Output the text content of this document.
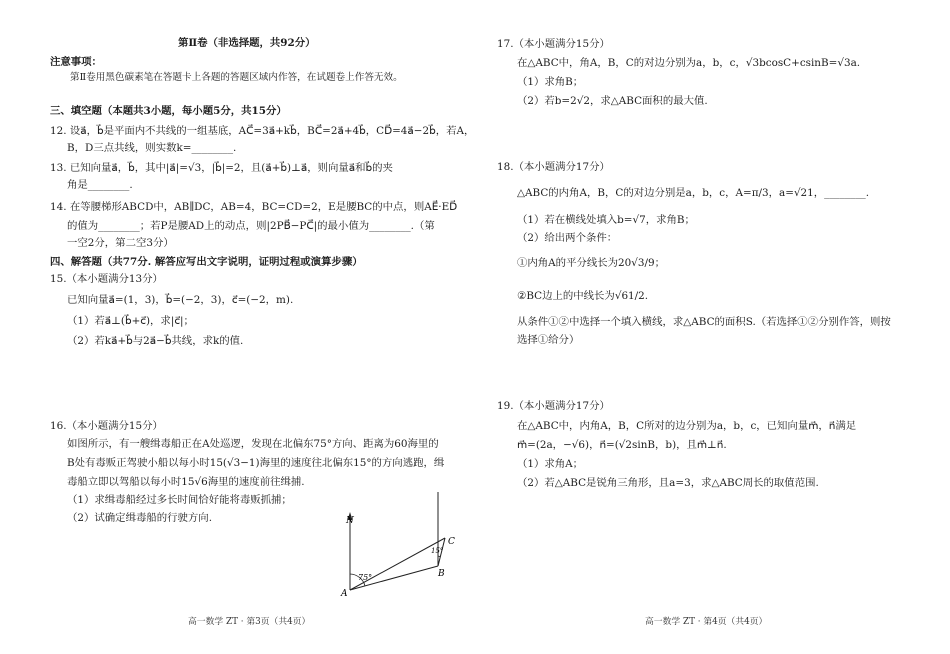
第Ⅱ卷（非选择题，共92分）
注意事项：
第Ⅱ卷用黑色碳素笔在答题卡上各题的答题区域内作答，在试题卷上作答无效。
三、填空题（本题共3小题，每小题5分，共15分）
12. 设a⃗，b⃗是平面内不共线的一组基底，AC⃗=3a⃗+kb⃗，BC⃗=2a⃗+4b⃗，CD⃗=4a⃗−2b⃗，若A，
B，D三点共线，则实数k=________.
13. 已知向量a⃗，b⃗，其中|a⃗|=√3，|b⃗|=2，且(a⃗+b⃗)⊥a⃗，则向量a⃗和b⃗的夹
角是________.
14. 在等腰梯形ABCD中，AB∥DC，AB=4，BC=CD=2，E是腰BC的中点，则AE⃗·ED⃗
的值为________；若P是腰AD上的动点，则|2PB⃗−PC⃗|的最小值为________.（第
一空2分，第二空3分）
四、解答题（共77分. 解答应写出文字说明，证明过程或演算步骤）
15.（本小题满分13分）
已知向量a⃗=(1，3)，b⃗=(−2，3)，c⃗=(−2，m).
（1）若a⃗⊥(b⃗+c⃗)，求|c⃗|；
（2）若ka⃗+b⃗与2a⃗−b⃗共线，求k的值.
16.（本小题满分15分）
如图所示，有一艘缉毒船正在A处巡逻，发现在北偏东75°方向、距离为60海里的
B处有毒贩正驾驶小船以每小时15(√3−1)海里的速度往北偏东15°的方向逃跑，缉
毒船立即以驾船以每小时15√6海里的速度前往缉捕.
（1）求缉毒船经过多长时间恰好能将毒贩抓捕；
（2）试确定缉毒船的行驶方向.	N
75°
15°
A
B
C
高一数学 ZT · 第3页（共4页）
17.（本小题满分15分）
在△ABC中，角A，B，C的对边分别为a，b，c，√3bcosC+csinB=√3a.
（1）求角B；
（2）若b=2√2，求△ABC面积的最大值.
18.（本小题满分17分）
△ABC的内角A，B，C的对边分别是a，b，c，A=π/3，a=√21，________.
（1）若在横线处填入b=√7，求角B；
（2）给出两个条件：
①内角A的平分线长为20√3/9；
②BC边上的中线长为√61/2.
从条件①②中选择一个填入横线，求△ABC的面积S.（若选择①②分别作答，则按
选择①给分）
19.（本小题满分17分）
在△ABC中，内角A，B，C所对的边分别为a，b，c，已知向量m⃗，n⃗满足
m⃗=(2a，−√6)，n⃗=(√2sinB，b)，且m⃗⊥n⃗.
（1）求角A；
（2）若△ABC是锐角三角形，且a=3，求△ABC周长的取值范围.
高一数学 ZT · 第4页（共4页）
